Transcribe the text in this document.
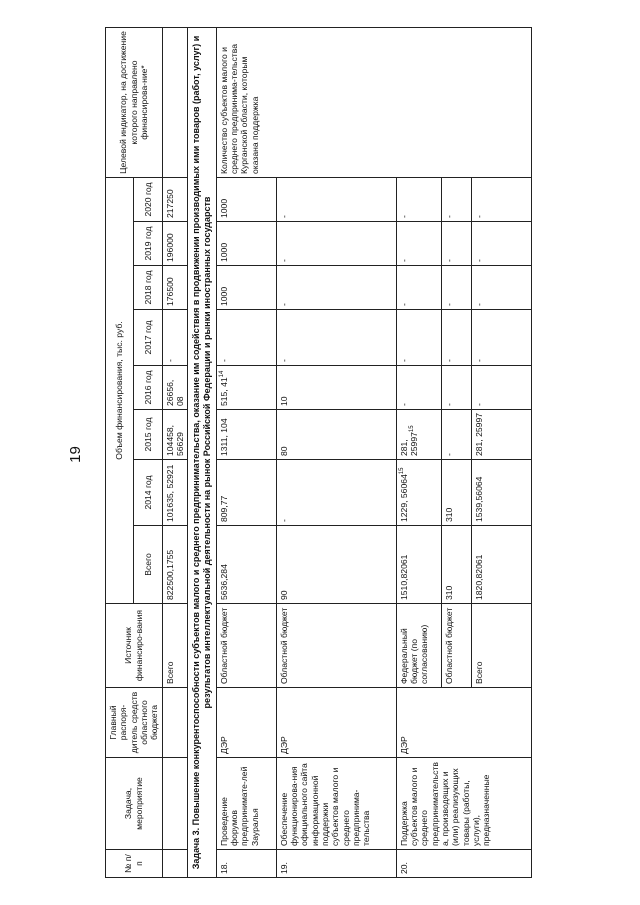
19
№ п/п	Задача, мероприятие	Главный распоря-дитель средств областного бюджета	Источник финансиро-вания	Объем финансирования, тыс. руб.								Целевой индикатор, на достижение которого направлено финансирова-ние*
				Всего	2014 год	2015 год	2016 год	2017 год	2018 год	2019 год	2020 год	
			Всего	822500,1755	101635, 52921	104458, 56629	26656, 08	-	176500	196000	217250	
Задача 3. Повышение конкурентоспособности субъектов малого и среднего предпринимательства, оказание им содействия в продвижении производимых ими товаров (работ, услуг) и результатов интеллектуальной деятельности на рынок Российской Федерации и рынки иностранных государств												
18.	Проведение форумов предпринимате-лей Зауралья	ДЭР	Областной бюджет	5636,284	809,77	1311, 104	515, $41^{14}$	-	1000	1000	1000	Количество субъектов малого и среднего предпринима-тельства Курганской области, которым оказана поддержка
19.	Обеспечение функционирова-ния официального сайта информационной поддержки субъектов малого и среднего предпринима-тельства	ДЭР	Областной бюджет	90	-	80	10	-	-	-	-	
20.	Поддержка субъектов малого и среднего предпринимательства, производящих и (или) реализующих товары (работы, услуги), предназначенные	ДЭР	Федеральный бюджет (по согласованию)	1510,82061	1229, 56064$^{15}$	281, 25997$^{15}$	-	-	-	-	-	
			Областной бюджет	310	310	-	-	-	-	-	-	
			Всего	1820,82061	1539,56064	281, 25997	-	-	-	-	-	
